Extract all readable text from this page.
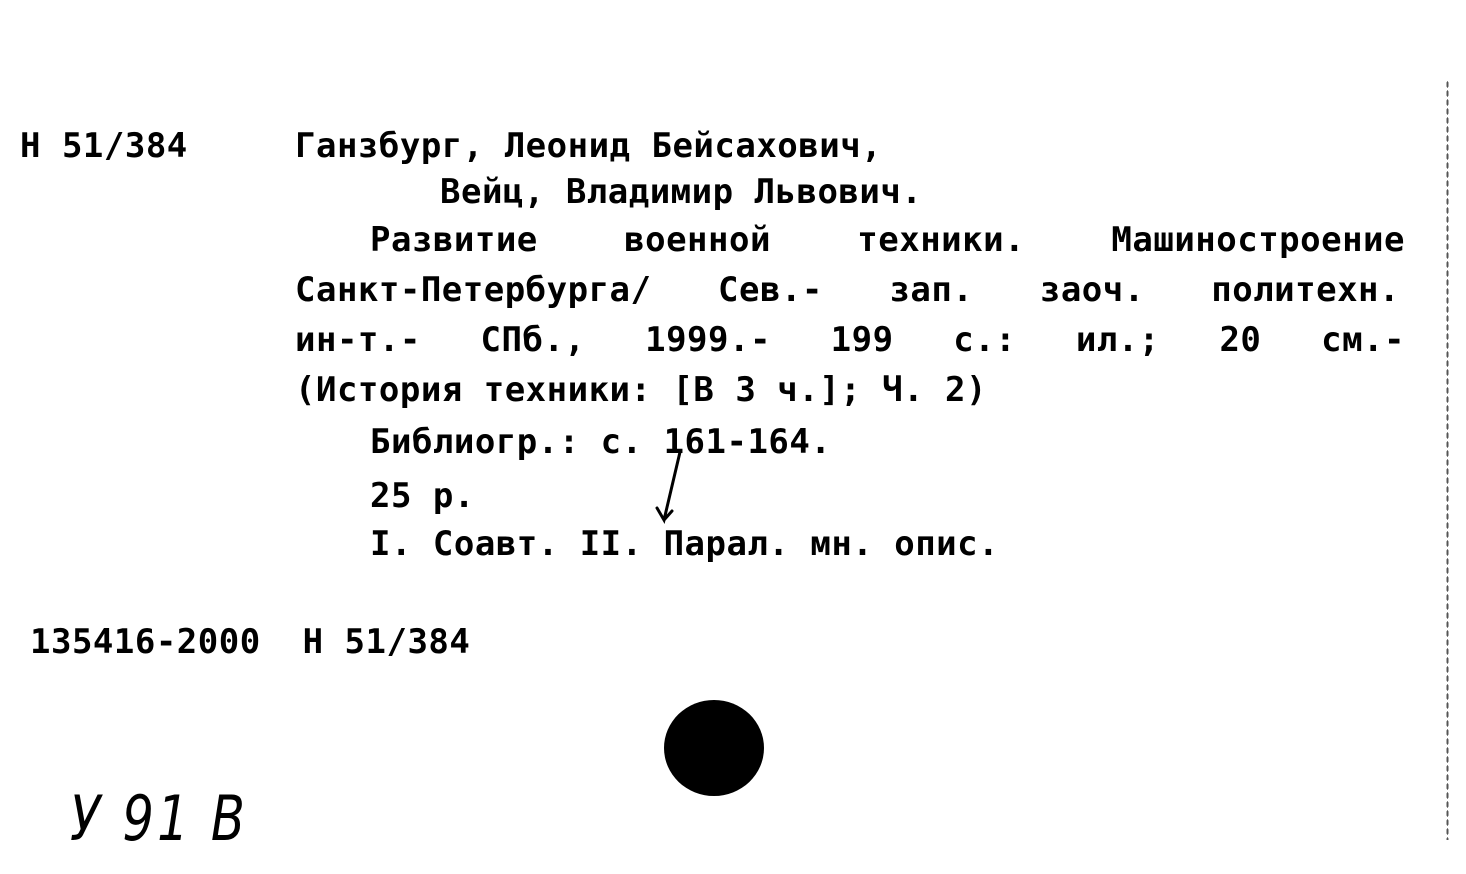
Н 51/384	Ганзбург, Леонид Бейсахович,
Вейц, Владимир Львович.
Развитие военной техники. Машиностроение
Санкт-Петербурга/ Сев.- зап. заоч. политехн.
ин-т.- СПб., 1999.- 199 с.: ил.; 20 см.-
(История техники: [В 3 ч.]; Ч. 2)
Библиогр.: с. 161-164.
25 р.
I. Соавт. II. Парал. мн. опис.
135416-2000  Н 51/384
У 91 В
